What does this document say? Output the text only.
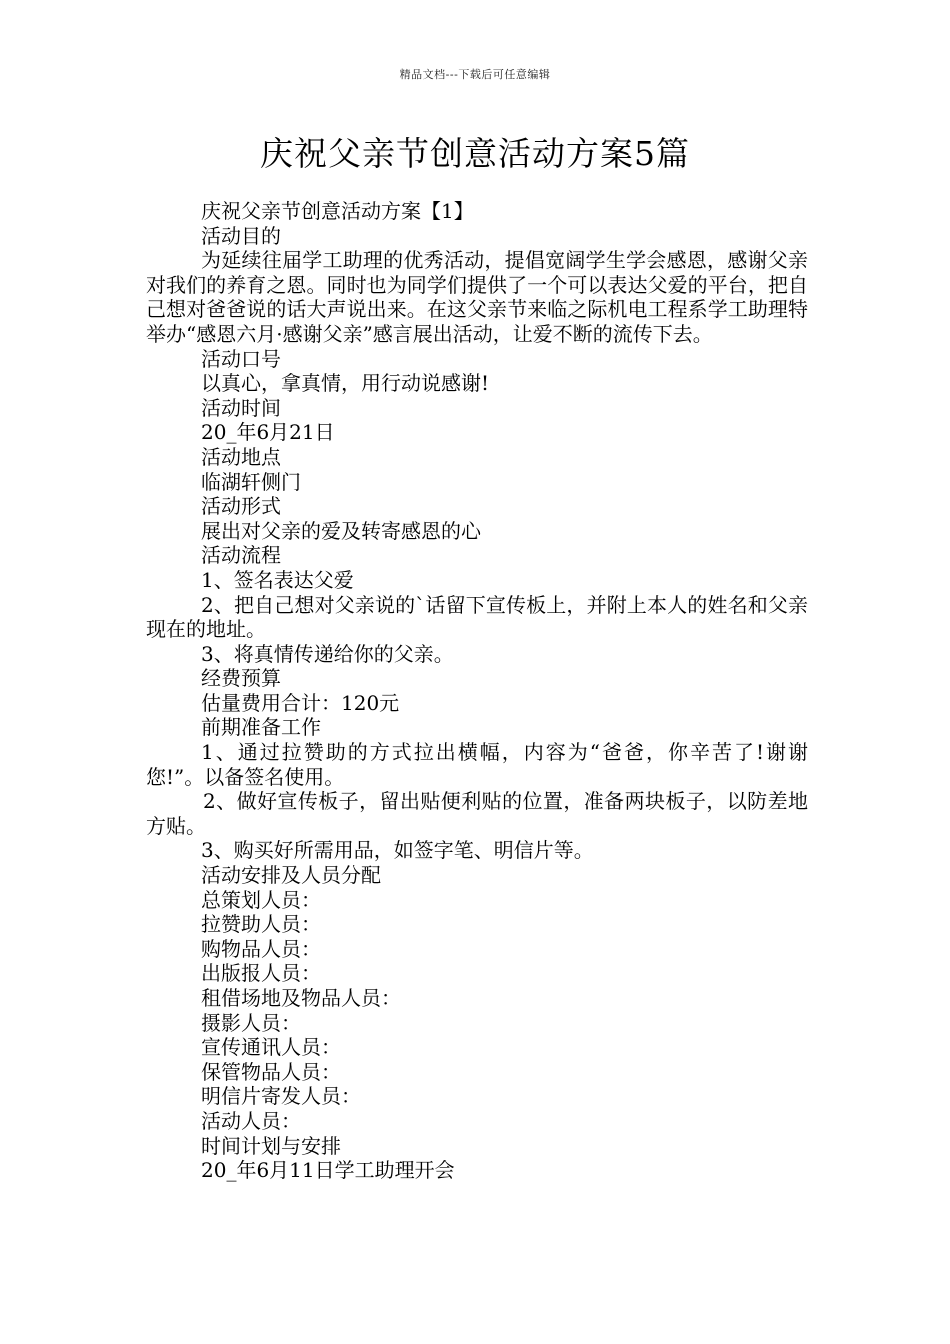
精品文档---下载后可任意编辑
庆祝父亲节创意活动方案5篇

庆祝父亲节创意活动方案【1】

活动目的

为延续往届学工助理的优秀活动，提倡宽阔学生学会感恩，感谢父亲对我们的养育之恩。同时也为同学们提供了一个可以表达父爱的平台，把自己想对爸爸说的话大声说出来。在这父亲节来临之际机电工程系学工助理特举办“感恩六月·感谢父亲”感言展出活动，让爱不断的流传下去。

活动口号

以真心，拿真情，用行动说感谢!

活动时间

20_年6月21日

活动地点

临湖轩侧门

活动形式

展出对父亲的爱及转寄感恩的心

活动流程

1、签名表达父爱

2、把自己想对父亲说的`话留下宣传板上，并附上本人的姓名和父亲现在的地址。

3、将真情传递给你的父亲。

经费预算

估量费用合计：120元

前期准备工作

1、通过拉赞助的方式拉出横幅，内容为“爸爸，你辛苦了!谢谢您!”。以备签名使用。

2、做好宣传板子，留出贴便利贴的位置，准备两块板子，以防差地方贴。

3、购买好所需用品，如签字笔、明信片等。

活动安排及人员分配

总策划人员：

拉赞助人员：

购物品人员：

出版报人员：

租借场地及物品人员：

摄影人员：

宣传通讯人员：

保管物品人员：

明信片寄发人员：

活动人员：

时间计划与安排

20_年6月11日学工助理开会
